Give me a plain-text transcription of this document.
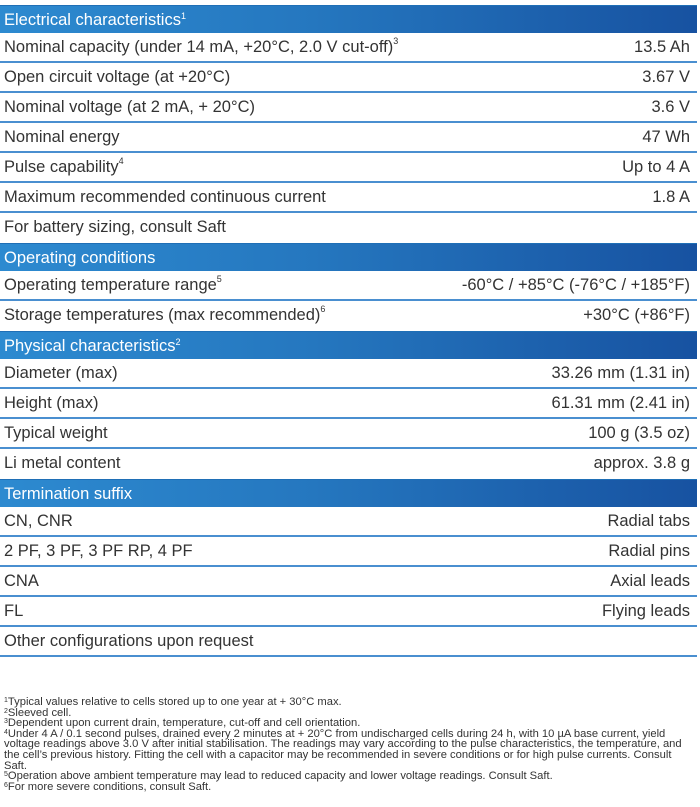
Electrical characteristics$^1$
Nominal capacity (under 14 mA, +20°C, 2.0 V cut-off)$^3$	13.5 Ah
Open circuit voltage (at +20°C)	3.67 V
Nominal voltage (at 2 mA, + 20°C)	3.6 V
Nominal energy	47 Wh
Pulse capability$^4$	Up to 4 A
Maximum recommended continuous current	1.8 A
For battery sizing, consult Saft
Operating conditions
Operating temperature range$^5$	-60°C / +85°C (-76°C / +185°F)
Storage temperatures (max recommended)$^6$	+30°C (+86°F)
Physical characteristics$^2$
Diameter (max)	33.26 mm (1.31 in)
Height (max)	61.31 mm (2.41 in)
Typical weight	100 g (3.5 oz)
Li metal content	approx. 3.8 g
Termination suffix
CN, CNR	Radial tabs
2 PF, 3 PF, 3 PF RP, 4 PF	Radial pins
CNA	Axial leads
FL	Flying leads
Other configurations upon request

$^1$Typical values relative to cells stored up to one year at + 30°C max.

$^2$Sleeved cell.

$^3$Dependent upon current drain, temperature, cut-off and cell orientation.

$^4$Under 4 A / 0.1 second pulses, drained every 2 minutes at + 20°C from undischarged cells during 24 h, with 10 µA base current, yield voltage readings above 3.0 V after initial stabilisation. The readings may vary according to the pulse characteristics, the temperature, and the cell’s previous history. Fitting the cell with a capacitor may be recommended in severe conditions or for high pulse currents. Consult Saft.

$^5$Operation above ambient temperature may lead to reduced capacity and lower voltage readings. Consult Saft.

$^6$For more severe conditions, consult Saft.
